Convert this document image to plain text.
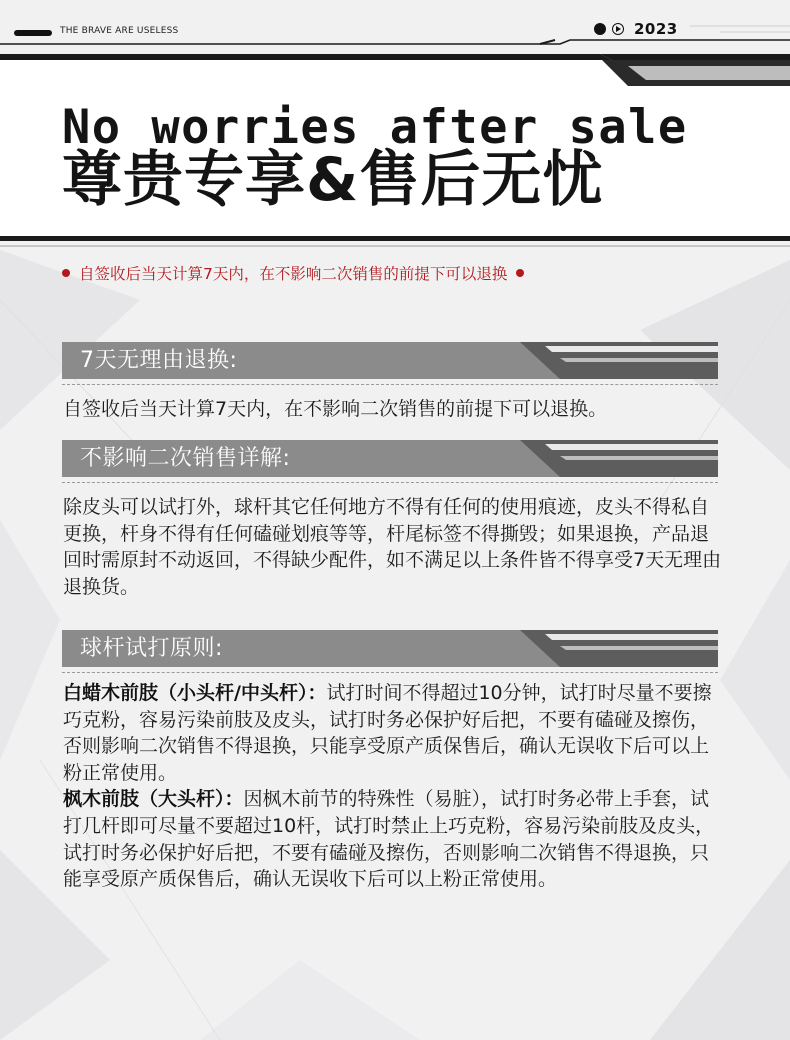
THE BRAVE ARE USELESS	2023
No worries after sale
尊贵专享&售后无忧
自签收后当天计算7天内，在不影响二次销售的前提下可以退换
7天无理由退换:
自签收后当天计算7天内，在不影响二次销售的前提下可以退换。
不影响二次销售详解:
除皮头可以试打外，球杆其它任何地方不得有任何的使用痕迹，皮头不得私自更换，杆身不得有任何磕碰划痕等等，杆尾标签不得撕毁；如果退换，产品退回时需原封不动返回，不得缺少配件，如不满足以上条件皆不得享受7天无理由退换货。
球杆试打原则:
白蜡木前肢（小头杆/中头杆）：试打时间不得超过10分钟，试打时尽量不要擦巧克粉，容易污染前肢及皮头，试打时务必保护好后把，不要有磕碰及擦伤，否则影响二次销售不得退换，只能享受原产质保售后，确认无误收下后可以上粉正常使用。
枫木前肢（大头杆）：因枫木前节的特殊性（易脏），试打时务必带上手套，试打几杆即可尽量不要超过10杆，试打时禁止上巧克粉，容易污染前肢及皮头，试打时务必保护好后把，不要有磕碰及擦伤，否则影响二次销售不得退换，只能享受原产质保售后，确认无误收下后可以上粉正常使用。
